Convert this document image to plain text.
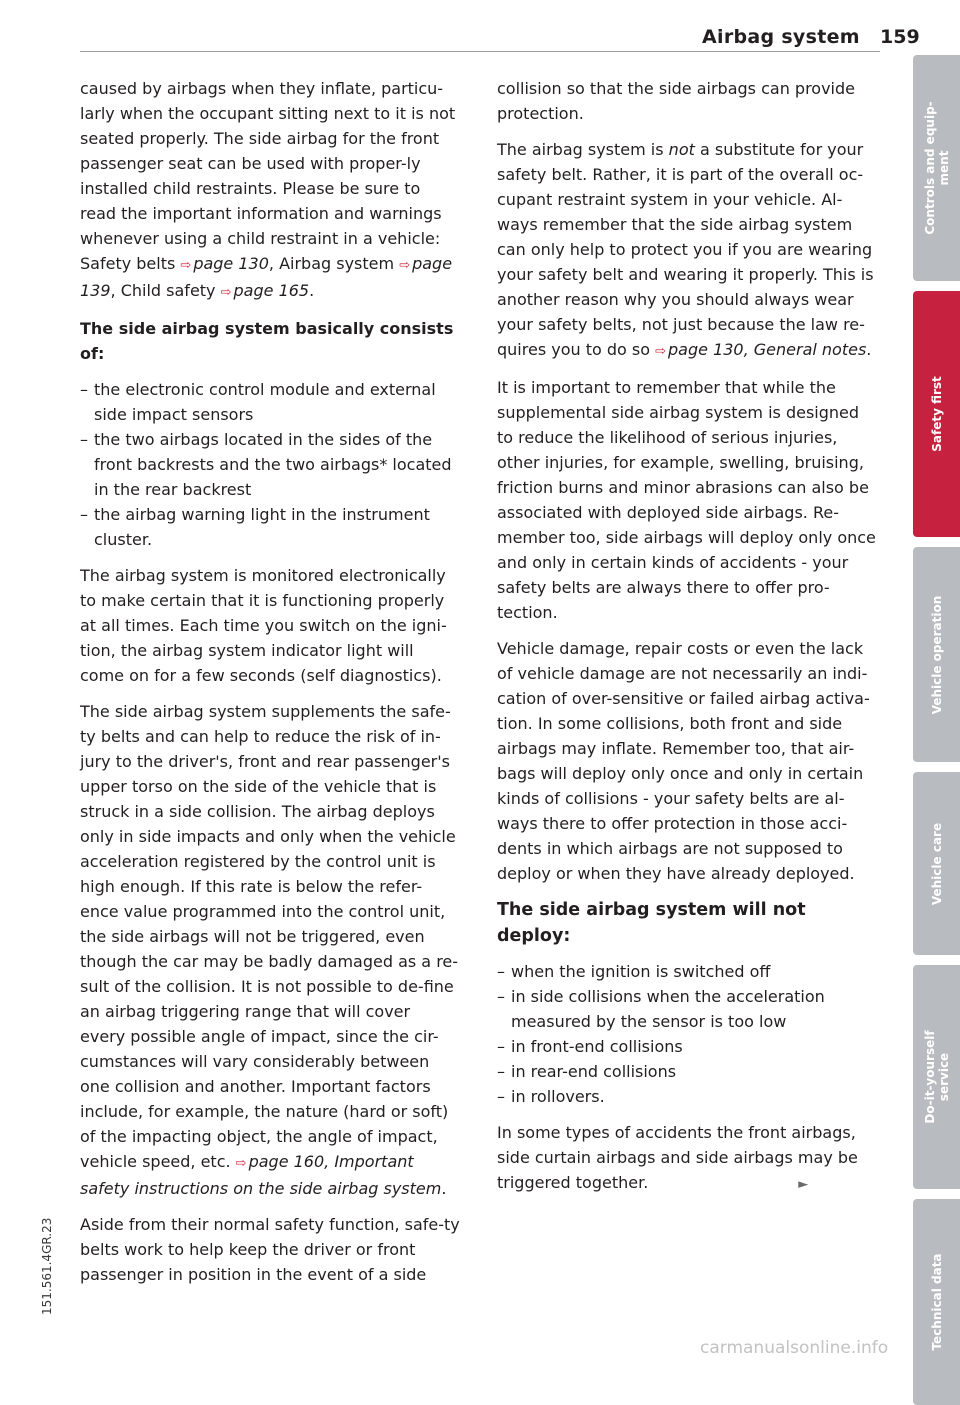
Airbag system 159

caused by airbags when they inflate, particu-larly when the occupant sitting next to it is not seated properly. The side airbag for the front passenger seat can be used with proper-ly installed child restraints. Please be sure to read the important information and warnings whenever using a child restraint in a vehicle: Safety belts ⇨ page 130, Airbag system ⇨ page 139, Child safety ⇨ page 165.

The side airbag system basically consists of:
– the electronic control module and external side impact sensors
– the two airbags located in the sides of the front backrests and the two airbags* located in the rear backrest
– the airbag warning light in the instrument cluster.

The airbag system is monitored electronically to make certain that it is functioning properly at all times. Each time you switch on the igni-tion, the airbag system indicator light will come on for a few seconds (self diagnostics).

The side airbag system supplements the safe-ty belts and can help to reduce the risk of in-jury to the driver's, front and rear passenger's upper torso on the side of the vehicle that is struck in a side collision. The airbag deploys only in side impacts and only when the vehicle acceleration registered by the control unit is high enough. If this rate is below the refer-ence value programmed into the control unit, the side airbags will not be triggered, even though the car may be badly damaged as a re-sult of the collision. It is not possible to de-fine an airbag triggering range that will cover every possible angle of impact, since the cir-cumstances will vary considerably between one collision and another. Important factors include, for example, the nature (hard or soft) of the impacting object, the angle of impact, vehicle speed, etc. ⇨ page 160, Important safety instructions on the side airbag system.

Aside from their normal safety function, safe-ty belts work to help keep the driver or front passenger in position in the event of a side

collision so that the side airbags can provide protection.

The airbag system is not a substitute for your safety belt. Rather, it is part of the overall oc-cupant restraint system in your vehicle. Al-ways remember that the side airbag system can only help to protect you if you are wearing your safety belt and wearing it properly. This is another reason why you should always wear your safety belts, not just because the law re-quires you to do so ⇨ page 130, General notes.

It is important to remember that while the supplemental side airbag system is designed to reduce the likelihood of serious injuries, other injuries, for example, swelling, bruising, friction burns and minor abrasions can also be associated with deployed side airbags. Re-member too, side airbags will deploy only once and only in certain kinds of accidents - your safety belts are always there to offer pro-tection.

Vehicle damage, repair costs or even the lack of vehicle damage are not necessarily an indi-cation of over-sensitive or failed airbag activa-tion. In some collisions, both front and side airbags may inflate. Remember too, that air-bags will deploy only once and only in certain kinds of collisions - your safety belts are al-ways there to offer protection in those acci-dents in which airbags are not supposed to deploy or when they have already deployed.

The side airbag system will not deploy:
– when the ignition is switched off
– in side collisions when the acceleration measured by the sensor is too low
– in front-end collisions
– in rear-end collisions
– in rollovers.

In some types of accidents the front airbags, side curtain airbags and side airbags may be triggered together.	►

Controls and equip- ment
Safety first
Vehicle operation
Vehicle care
Do-it-yourself service
Technical data
151.561.4GR.23
carmanualsonline.info
